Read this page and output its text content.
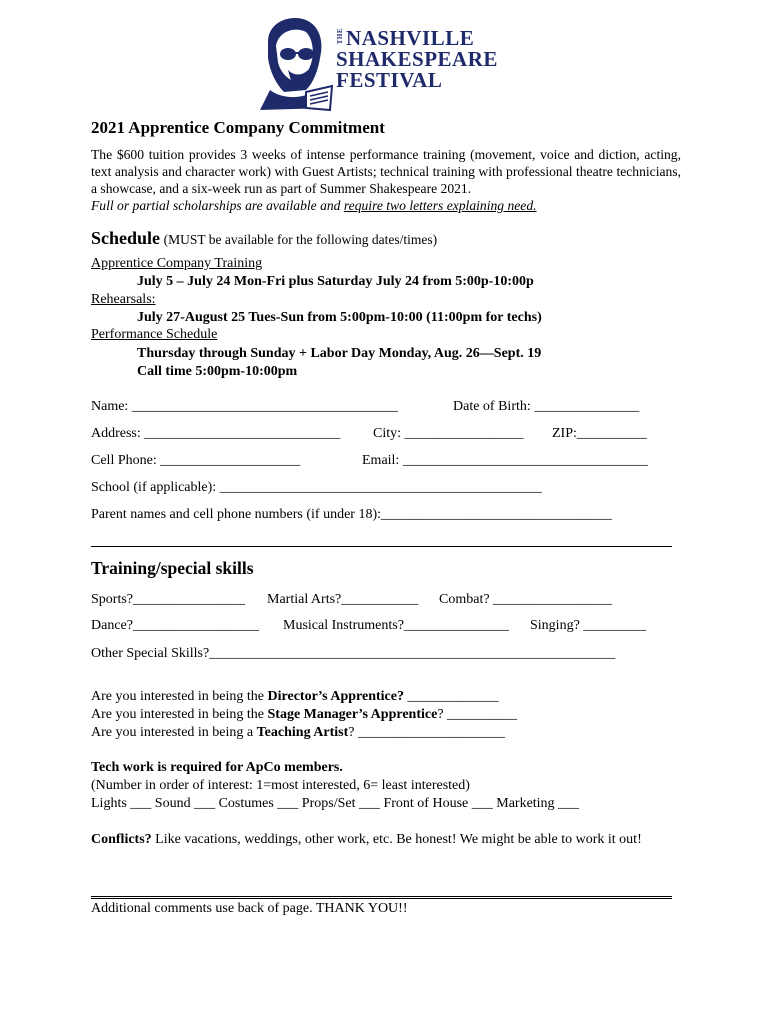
THENASHVILLE
SHAKESPEARE
FESTIVAL
2021 Apprentice Company Commitment
The $600 tuition provides 3 weeks of intense performance training (movement, voice and diction, acting, text analysis and character work) with Guest Artists; technical training with professional theatre technicians, a showcase, and a six-week run as part of Summer Shakespeare 2021.
Full or partial scholarships are available and require two letters explaining need.
Schedule (MUST be available for the following dates/times)
Apprentice Company Training
July 5 – July 24 Mon-Fri plus Saturday July 24 from 5:00p-10:00p
Rehearsals:
July 27-August 25 Tues-Sun from 5:00pm-10:00 (11:00pm for techs)
Performance Schedule
Thursday through Sunday + Labor Day Monday, Aug. 26—Sept. 19
Call time 5:00pm-10:00pm
Name: ______________________________________	Date of Birth: _______________
Address: ____________________________ City: _________________ ZIP:__________
Cell Phone: ____________________	Email: ___________________________________
School (if applicable): ______________________________________________
Parent names and cell phone numbers (if under 18):_________________________________
Training/special skills
Sports?________________ Martial Arts?___________ Combat? _________________
Dance?__________________ Musical Instruments?_______________ Singing? _________
Other Special Skills?__________________________________________________________
Are you interested in being the Director’s Apprentice? _____________
Are you interested in being the Stage Manager’s Apprentice? __________
Are you interested in being a Teaching Artist? _____________________
Tech work is required for ApCo members.
(Number in order of interest: 1=most interested, 6= least interested)
Lights ___ Sound ___ Costumes ___ Props/Set ___ Front of House ___ Marketing ___
Conflicts? Like vacations, weddings, other work, etc. Be honest! We might be able to work it out!
Additional comments use back of page. THANK YOU!!
